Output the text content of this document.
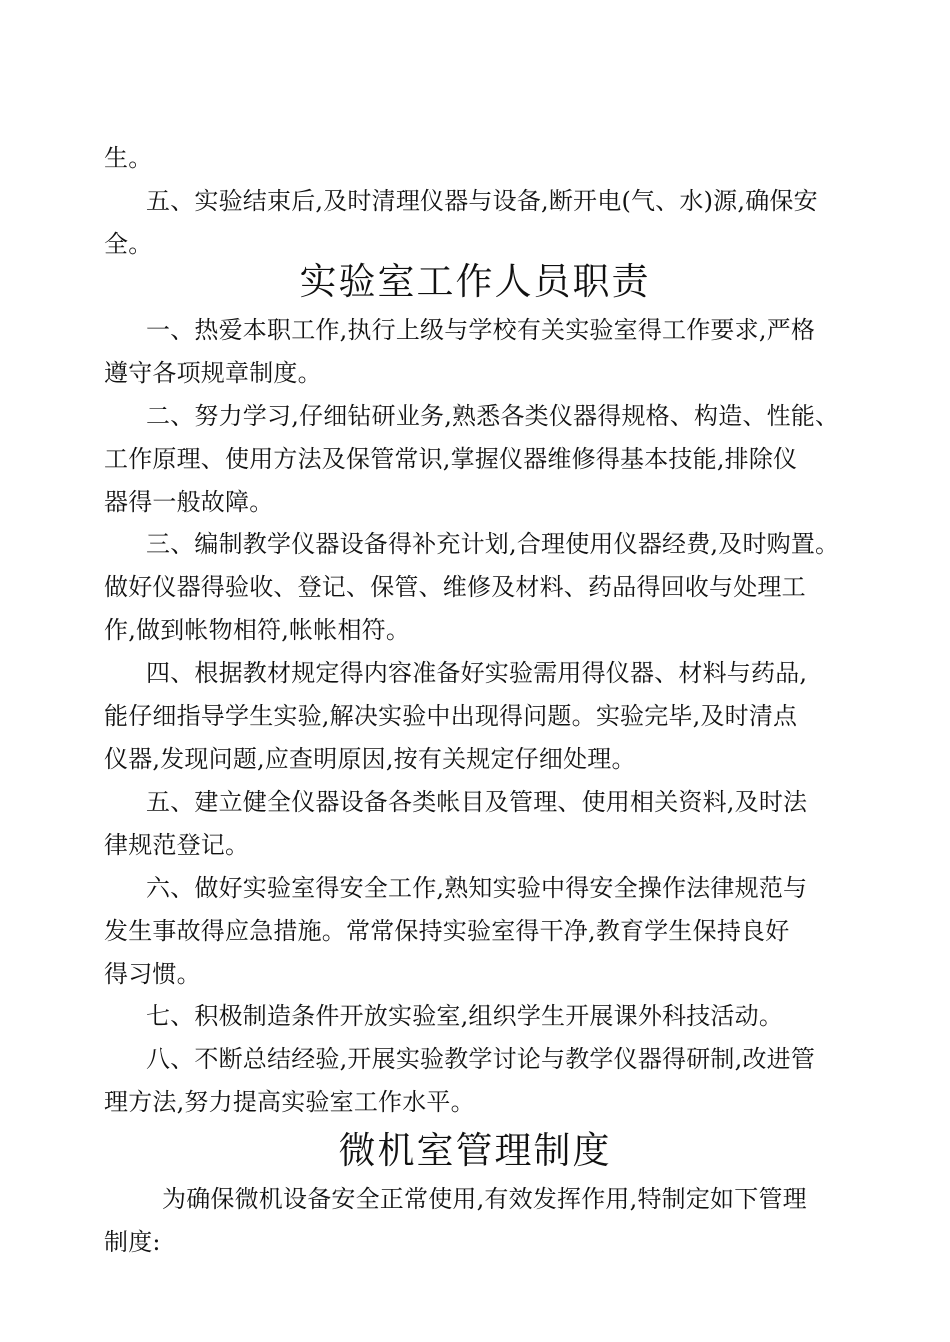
生。
五、实验结束后,及时清理仪器与设备,断开电(气、水)源,确保安
全。
实验室工作人员职责
一、热爱本职工作,执行上级与学校有关实验室得工作要求,严格
遵守各项规章制度。
二、努力学习,仔细钻研业务,熟悉各类仪器得规格、构造、性能、
工作原理、使用方法及保管常识,掌握仪器维修得基本技能,排除仪
器得一般故障。
三、编制教学仪器设备得补充计划,合理使用仪器经费,及时购置。
做好仪器得验收、登记、保管、维修及材料、药品得回收与处理工
作,做到帐物相符,帐帐相符。
四、根据教材规定得内容准备好实验需用得仪器、材料与药品,
能仔细指导学生实验,解决实验中出现得问题。实验完毕,及时清点
仪器,发现问题,应查明原因,按有关规定仔细处理。
五、建立健全仪器设备各类帐目及管理、使用相关资料,及时法
律规范登记。
六、做好实验室得安全工作,熟知实验中得安全操作法律规范与
发生事故得应急措施。常常保持实验室得干净,教育学生保持良好
得习惯。
七、积极制造条件开放实验室,组织学生开展课外科技活动。
八、不断总结经验,开展实验教学讨论与教学仪器得研制,改进管
理方法,努力提高实验室工作水平。
微机室管理制度
为确保微机设备安全正常使用,有效发挥作用,特制定如下管理
制度:
